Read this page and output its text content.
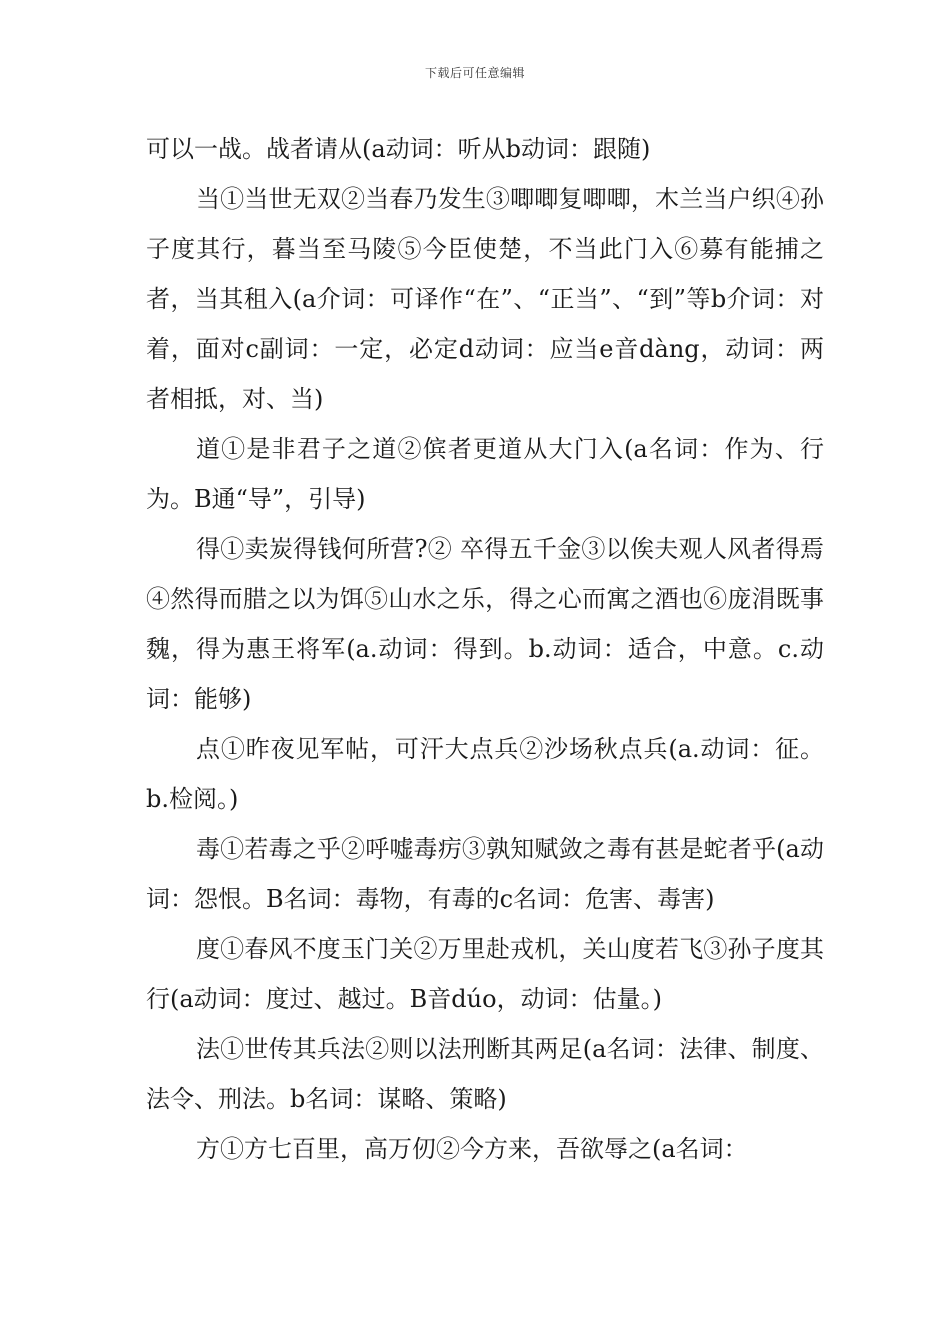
下载后可任意编辑

可以一战。战者请从(a动词：听从b动词：跟随)

当①当世无双②当春乃发生③唧唧复唧唧，木兰当户织④孙子度其行，暮当至马陵⑤今臣使楚，不当此门入⑥募有能捕之者，当其租入(a介词：可译作“在”、“正当”、“到”等b介词：对着，面对c副词：一定，必定d动词：应当e音dàng，动词：两者相抵，对、当)

道①是非君子之道②傧者更道从大门入(a名词：作为、行为。B通“导”，引导)

得①卖炭得钱何所营?② 卒得五千金③以俟夫观人风者得焉④然得而腊之以为饵⑤山水之乐，得之心而寓之酒也⑥庞涓既事魏，得为惠王将军(a.动词：得到。b.动词：适合，中意。c.动词：能够)

点①昨夜见军帖，可汗大点兵②沙场秋点兵(a.动词：征。b.检阅。)

毒①若毒之乎②呼嘘毒疠③孰知赋敛之毒有甚是蛇者乎(a动词：怨恨。B名词：毒物，有毒的c名词：危害、毒害)

度①春风不度玉门关②万里赴戎机，关山度若飞③孙子度其行(a动词：度过、越过。B音dúo，动词：估量。)

法①世传其兵法②则以法刑断其两足(a名词：法律、制度、法令、刑法。b名词：谋略、策略)

方①方七百里，高万仞②今方来，吾欲辱之(a名词：
